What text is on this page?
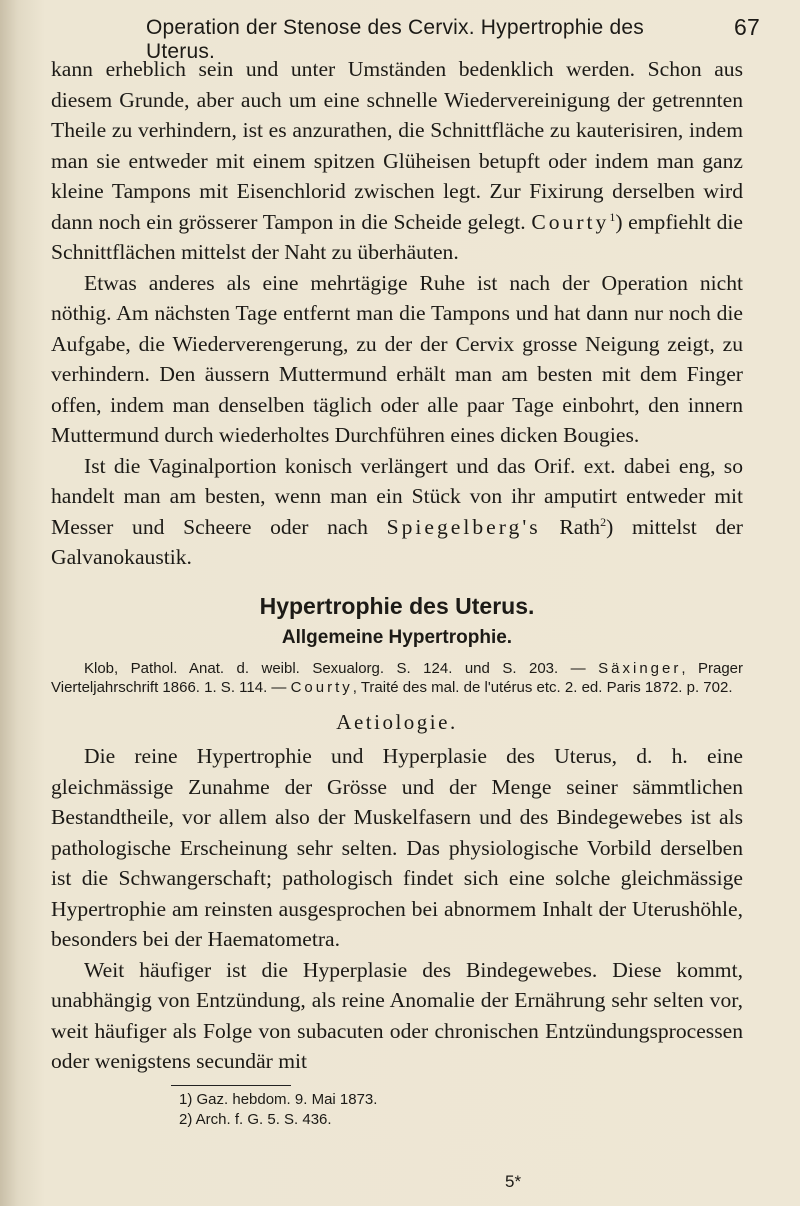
Operation der Stenose des Cervix. Hypertrophie des Uterus.
67

kann erheblich sein und unter Umständen bedenklich werden. Schon aus diesem Grunde, aber auch um eine schnelle Wiedervereinigung der getrennten Theile zu verhindern, ist es anzurathen, die Schnittfläche zu kauterisiren, indem man sie entweder mit einem spitzen Glüheisen betupft oder indem man ganz kleine Tampons mit Eisenchlorid zwischen legt. Zur Fixirung derselben wird dann noch ein grösserer Tampon in die Scheide gelegt. Courty$^1$) empfiehlt die Schnittflächen mittelst der Naht zu überhäuten.

Etwas anderes als eine mehrtägige Ruhe ist nach der Operation nicht nöthig. Am nächsten Tage entfernt man die Tampons und hat dann nur noch die Aufgabe, die Wiederverengerung, zu der der Cervix grosse Neigung zeigt, zu verhindern. Den äussern Muttermund erhält man am besten mit dem Finger offen, indem man denselben täglich oder alle paar Tage einbohrt, den innern Muttermund durch wiederholtes Durchführen eines dicken Bougies.

Ist die Vaginalportion konisch verlängert und das Orif. ext. dabei eng, so handelt man am besten, wenn man ein Stück von ihr amputirt entweder mit Messer und Scheere oder nach Spiegelberg's Rath$^2$) mittelst der Galvanokaustik.

Hypertrophie des Uterus.
Allgemeine Hypertrophie.
Klob, Pathol. Anat. d. weibl. Sexualorg. S. 124. und S. 203. — Säxinger, Prager Vierteljahrschrift 1866. 1. S. 114. — Courty, Traité des mal. de l'utérus etc. 2. ed. Paris 1872. p. 702.
Aetiologie.

Die reine Hypertrophie und Hyperplasie des Uterus, d. h. eine gleichmässige Zunahme der Grösse und der Menge seiner sämmtlichen Bestandtheile, vor allem also der Muskelfasern und des Bindegewebes ist als pathologische Erscheinung sehr selten. Das physiologische Vorbild derselben ist die Schwangerschaft; pathologisch findet sich eine solche gleichmässige Hypertrophie am reinsten ausgesprochen bei abnormem Inhalt der Uterushöhle, besonders bei der Haematometra.

Weit häufiger ist die Hyperplasie des Bindegewebes. Diese kommt, unabhängig von Entzündung, als reine Anomalie der Ernährung sehr selten vor, weit häufiger als Folge von subacuten oder chronischen Entzündungsprocessen oder wenigstens secundär mit

1) Gaz. hebdom. 9. Mai 1873.
2) Arch. f. G. 5. S. 436.
5*
